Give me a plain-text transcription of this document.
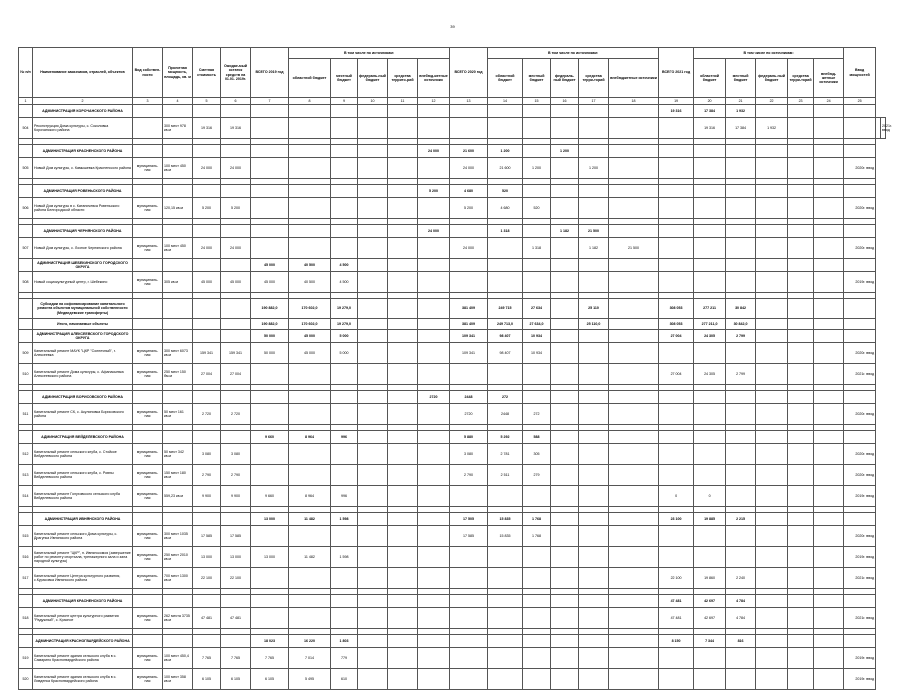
39
№ п/п	Наименование заказчиков, отраслей, объектов	Вид собствен-ности	Проектная мощность, площадь, кв. м	Сметная стоимость	Ожидае-мый остаток средств на 01.01. 2019г.	ВСЕГО 2019 год	В том числе по источникам:					ВСЕГО 2020 год	В том числе по источникам:					ВСЕГО 2021 год	В том числе по источникам:					Ввод мощностей		
							областной бюджет	местный бюджет	федераль-ный бюджет	средства террито-рий	внебюд-жетные источники		областной бюджет	местный бюджет	федераль-ный бюджет	средства терри-торий	внебюджетные источники		областной бюджет	местный бюджет	федераль-ный бюджет	средства терри-торий	внебюд-жетные источники			
1	2	3	4	5	6	7	8	9	10	11	12	13	14	15	16	17	18	19	20	21	22	23	24	25		
	АДМИНИСТРАЦИЯ КОРОЧАНСКОГО РАЙОНА																	19 316	17 384	1 932						
504	Реконструкция Дома культуры, с. Соколовка Корочанского района		300 мест 978 кв.м	19 316	19 316														19 316	17 384	1 932					2021г. ввод

	АДМИНИСТРАЦИЯ КРАСНЕНСКОГО РАЙОНА										24 000	21 600	1 200		1 200											
505	Новый Дом культуры, с. Камышевка Красненского района	муниципаль-ная	100 мест 450 кв.м	24 000	24 000							24 000	21 600	1 200		1 200								2020г. ввод		

	АДМИНИСТРАЦИЯ РОВЕНЬСКОГО РАЙОНА										5 200	4 680	520													
506	Новый Дом культуры в с. Катаничевка Ровеньского района Белгородской области	муниципаль-ная	120,15 кв.м	5 200	5 200							5 200	4 680	520										2020г. ввод		

	АДМИНИСТРАЦИЯ ЧЕРНЯНСКОГО РАЙОНА										24 000		1 318		1 182	21 500										
507	Новый Дом культуры, с. Лозное Чернянского района	муниципаль-ная	100 мест 450 кв.м	24 000	24 000							24 000		1 318		1 182	21 500							2020г. ввод		
	АДМИНИСТРАЦИЯ ШЕБЕКИНСКОГО ГОРОДСКОГО ОКРУГА					45 000	40 500	4 500																		
508	Новый социокультурный центр, г. Шебекино	муниципаль-ная	305 кв.м	45 000	45 000	45 000	40 500	4 500																2019г. ввод		

	Субсидии на софинансирование капитального ремонта объектов муниципальной собственности (Медведевские трансферты)					190 882,0	170 602,0	19 279,0				381 409	249 715	27 634		25 110		308 053	277 211	30 842						
	Итого, начинаемые объекты					190 882,0	170 602,0	19 279,0				381 409	249 713,0	27 634,0		25 110,0		308 053	277 211,0	30 842,0						
	АДМИНИСТРАЦИЯ АЛЕКСЕЕВСКОГО ГОРОДСКОГО ОКРУГА					50 000	45 000	5 000				109 341	98 407	10 934				27 004	24 305	2 799						
509	Капитальный ремонт МАУК "ЦКР "Солнечный", г. Алексеевка	муниципаль-ная	300 мест 6073 кв.м	159 341	159 341	50 000	45 000	5 000				109 341	98 407	10 934										2020г. ввод		
510	Капитальный ремонт Дома культуры, с. Афанасьевка Алексеевского района	муниципаль-ная	250 мест 150 бм.м	27 004	27 004													27 004	24 305	2 799				2021г. ввод		

	АДМИНИСТРАЦИЯ БОРИСОВСКОГО РАЙОНА										2720	2448	272													
511	Капитальный ремонт СК, с. Акулиновка Борисовского района	муниципаль-ная	50 мест 161 кв.м	2 720	2 720							2720	2448	272										2020г. ввод		

	АДМИНИСТРАЦИЯ ВЕЙДЕЛЕВСКОГО РАЙОНА					9 660	8 964	996				5 880	5 292	588												
512	Капитальный ремонт сельского клуба, с. Стойкое Вейделевского района	муниципаль-ная	50 мест 342 кв.м	3 080	3 080							3 080	2 781	305										2020г. ввод		
513	Капитальный ремонт сельского клуба, с. Ровны Вейделевского района	муниципаль-ная	150 мест 180 кв.м	2 790	2 790							2 790	2 511	279										2020г. ввод		
514	Капитальный ремонт Голуховского сельского клуба Вейделевского района	муниципаль-ная	559,23 кв.м	9 900	9 900	9 660	8 964	996										0	0					2019г. ввод		

	АДМИНИСТРАЦИЯ ИВНЯНСКОГО РАЙОНА					13 000	11 482	1 598				17 505	15 835	1 768				23 100	19 885	2 215						
515	Капитальный ремонт сельского Дома культуры, с. Драгунка Ивнянского района	муниципаль-ная	300 мест 1035 кв.м	17 585	17 585							17 585	15 835	1 768										2020г. ввод		
516	Капитальный ремонт "ЦКР", п. Ивнянскомоя (завершение работ по ремонту спортзала, тренажерного зала и зала народной культуры)	муниципаль-ная	250 мест 2010 кв.м	13 000	13 000	13 000	11 482	1 598																2019г. ввод		
517	Капитальный ремонт Центра культурного развития, с.Курасовка Ивнянского района	муниципаль-ная	700 мест 1300 кв.м	22 100	22 100													22 100	19 860	2 240				2021г. ввод		

	АДМИНИСТРАЦИЯ КРАСНЕНСКОГО РАЙОНА																	47 481	42 697	4 784						
518	Капитальный ремонт центра культурного развития "Радужный", с. Красное	муниципаль-ная	262 места 3735 кв.м	47 481	47 481													47 481	42 697	4 784				2021г. ввод		

	АДМИНИСТРАЦИЯ КРАСНОГВАРДЕЙСКОГО РАЙОНА					18 023	16 220	1 803										8 150	7 344	816						
519	Капитальный ремонт здания сельского клуба в с. Самарино Красногвардейского района	муниципаль-ная	100 мест 450,4 кв.м	7 765	7 765	7 765	7 014	779																2019г. ввод		
520	Капитальный ремонт здания сельского клуба в с. Ливденка Красногвардейского района	муниципаль-ная	100 мест 358 кв.м	6 105	6 105	6 105	5 495	610																2019г. ввод		
